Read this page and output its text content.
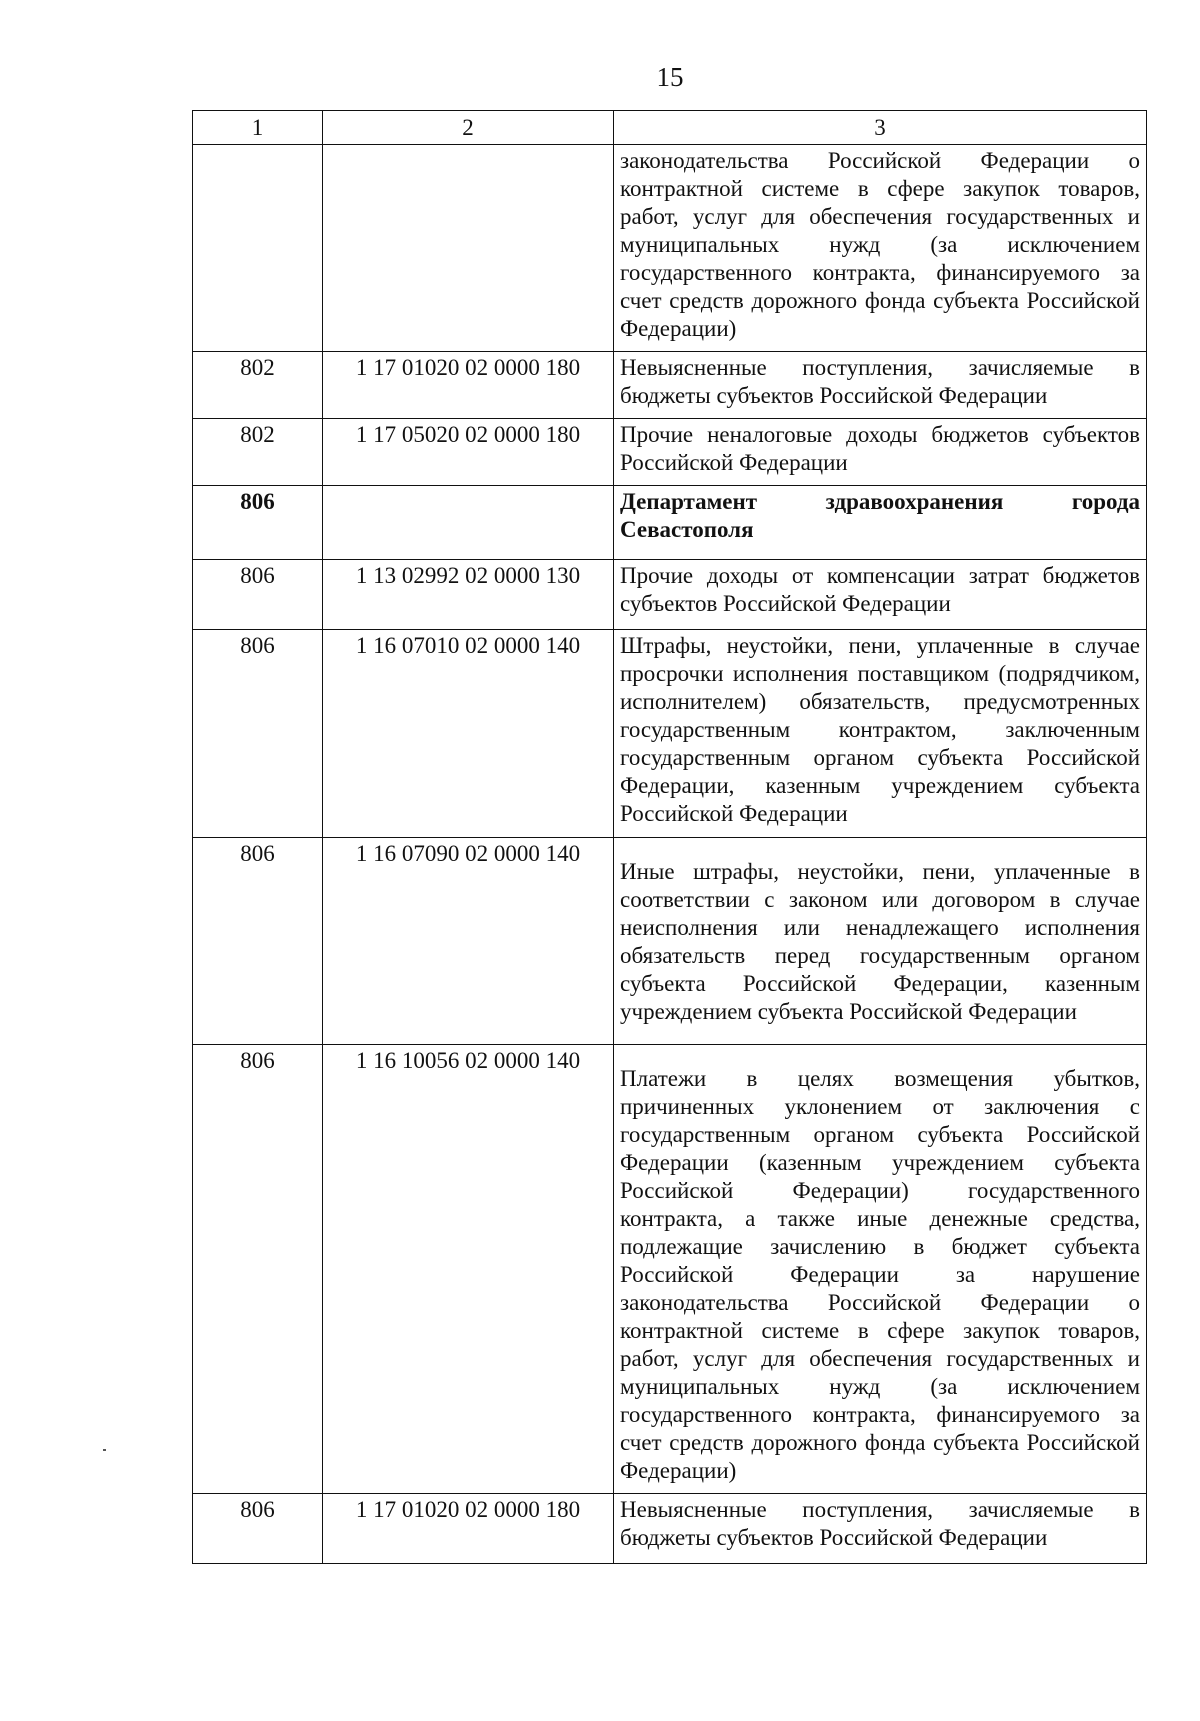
15
1	2	3
		законодательства Российской Федерации о контрактной системе в сфере закупок товаров, работ, услуг для обеспечения государственных и муниципальных нужд (за исключением государственного контракта, финансируемого за счет средств дорожного фонда субъекта Российской Федерации)
802	1 17 01020 02 0000 180	Невыясненные поступления, зачисляемые в бюджеты субъектов Российской Федерации
802	1 17 05020 02 0000 180	Прочие неналоговые доходы бюджетов субъектов Российской Федерации
806		Департамент здравоохранения города Севастополя
806	1 13 02992 02 0000 130	Прочие доходы от компенсации затрат бюджетов субъектов Российской Федерации
806	1 16 07010 02 0000 140	Штрафы, неустойки, пени, уплаченные в случае просрочки исполнения поставщиком (подрядчиком, исполнителем) обязательств, предусмотренных государственным контрактом, заключенным государственным органом субъекта Российской Федерации, казенным учреждением субъекта Российской Федерации
806	1 16 07090 02 0000 140	Иные штрафы, неустойки, пени, уплаченные в соответствии с законом или договором в случае неисполнения или ненадлежащего исполнения обязательств перед государственным органом субъекта Российской Федерации, казенным учреждением субъекта Российской Федерации
806	1 16 10056 02 0000 140	Платежи в целях возмещения убытков, причиненных уклонением от заключения с государственным органом субъекта Российской Федерации (казенным учреждением субъекта Российской Федерации) государственного контракта, а также иные денежные средства, подлежащие зачислению в бюджет субъекта Российской Федерации за нарушение законодательства Российской Федерации о контрактной системе в сфере закупок товаров, работ, услуг для обеспечения государственных и муниципальных нужд (за исключением государственного контракта, финансируемого за счет средств дорожного фонда субъекта Российской Федерации)
806	1 17 01020 02 0000 180	Невыясненные поступления, зачисляемые в бюджеты субъектов Российской Федерации
